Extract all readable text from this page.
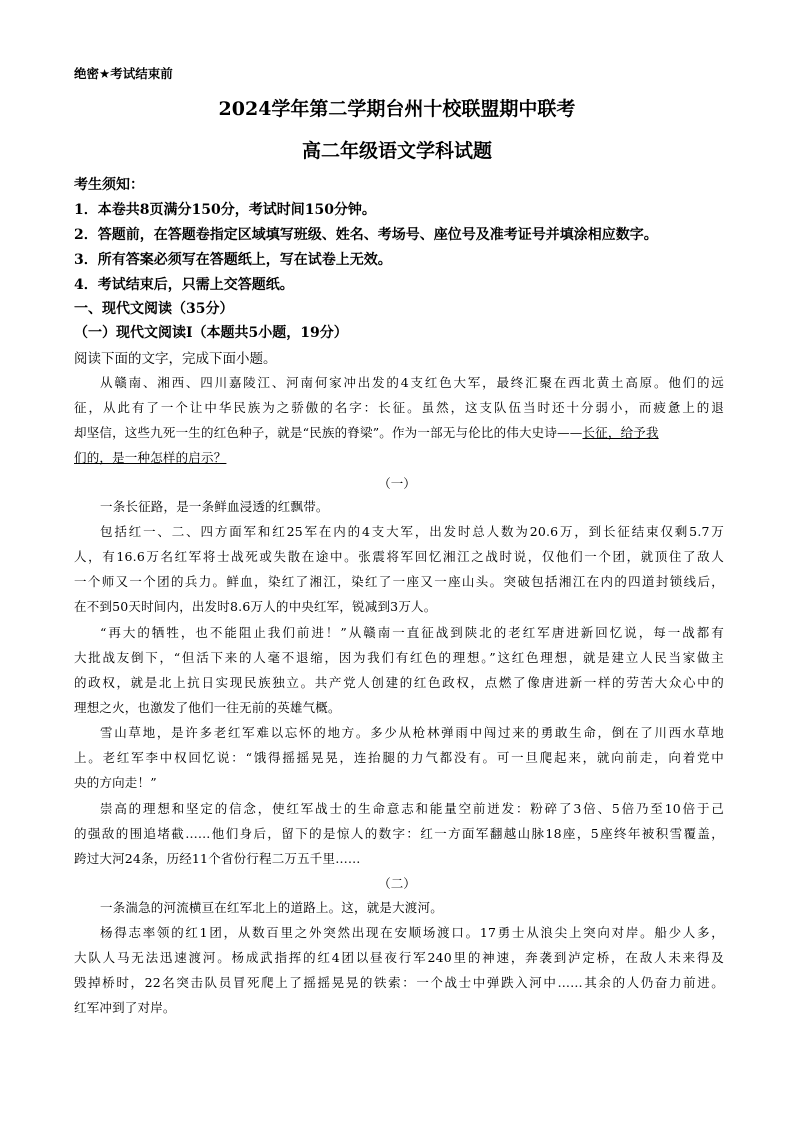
绝密★考试结束前
2024学年第二学期台州十校联盟期中联考
高二年级语文学科试题
考生须知：
1．本卷共8页满分150分，考试时间150分钟。
2．答题前，在答题卷指定区域填写班级、姓名、考场号、座位号及准考证号并填涂相应数字。
3．所有答案必须写在答题纸上，写在试卷上无效。
4．考试结束后，只需上交答题纸。
一、现代文阅读（35分）
（一）现代文阅读Ⅰ（本题共5小题，19分）
阅读下面的文字，完成下面小题。
从赣南、湘西、四川嘉陵江、河南何家冲出发的4支红色大军，最终汇聚在西北黄土高原。他们的远
征，从此有了一个让中华民族为之骄傲的名字：长征。虽然，这支队伍当时还十分弱小，而疲惫上的退
却坚信，这些九死一生的红色种子，就是“民族的脊梁”。作为一部无与伦比的伟大史诗——长征，给予我
们的，是一种怎样的启示？
（一）
一条长征路，是一条鲜血浸透的红飘带。
包括红一、二、四方面军和红25军在内的4支大军，出发时总人数为20.6万，到长征结束仅剩5.7万
人，有16.6万名红军将士战死或失散在途中。张震将军回忆湘江之战时说，仅他们一个团，就顶住了敌人
一个师又一个团的兵力。鲜血，染红了湘江，染红了一座又一座山头。突破包括湘江在内的四道封锁线后，
在不到50天时间内，出发时8.6万人的中央红军，锐减到3万人。
“再大的牺牲，也不能阻止我们前进！”从赣南一直征战到陕北的老红军唐进新回忆说，每一战都有
大批战友倒下，“但活下来的人毫不退缩，因为我们有红色的理想。”这红色理想，就是建立人民当家做主
的政权，就是北上抗日实现民族独立。共产党人创建的红色政权，点燃了像唐进新一样的劳苦大众心中的
理想之火，也激发了他们一往无前的英雄气概。
雪山草地，是许多老红军难以忘怀的地方。多少从枪林弹雨中闯过来的勇敢生命，倒在了川西水草地
上。老红军李中权回忆说：“饿得摇摇晃晃，连抬腿的力气都没有。可一旦爬起来，就向前走，向着党中
央的方向走！”
崇高的理想和坚定的信念，使红军战士的生命意志和能量空前迸发：粉碎了3倍、5倍乃至10倍于己
的强敌的围追堵截……他们身后，留下的是惊人的数字：红一方面军翻越山脉18座，5座终年被积雪覆盖，
跨过大河24条，历经11个省份行程二万五千里……
（二）
一条湍急的河流横亘在红军北上的道路上。这，就是大渡河。
杨得志率领的红1团，从数百里之外突然出现在安顺场渡口。17勇士从浪尖上突向对岸。船少人多，
大队人马无法迅速渡河。杨成武指挥的红4团以昼夜行军240里的神速，奔袭到泸定桥，在敌人未来得及
毁掉桥时，22名突击队员冒死爬上了摇摇晃晃的铁索：一个战士中弹跌入河中……其余的人仍奋力前进。
红军冲到了对岸。
